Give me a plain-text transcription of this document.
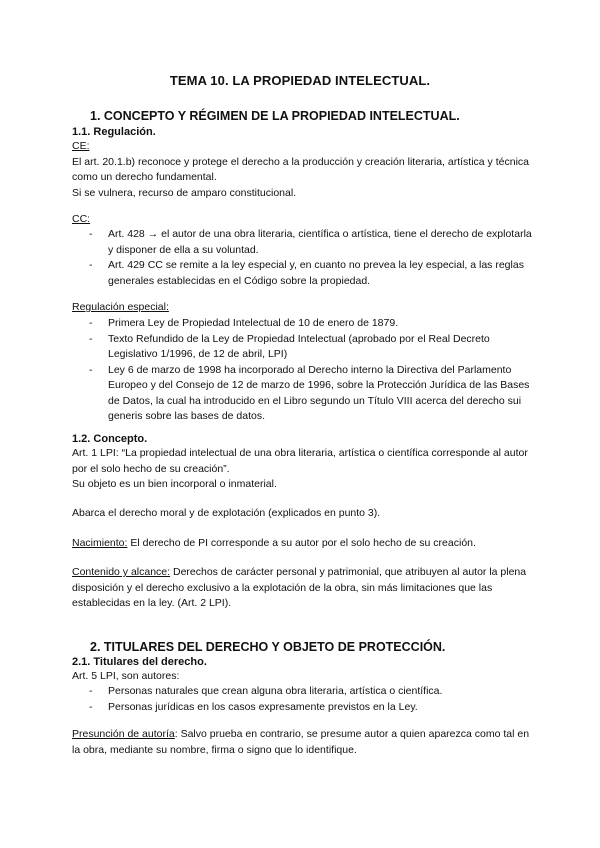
TEMA 10. LA PROPIEDAD INTELECTUAL.
1. CONCEPTO Y RÉGIMEN DE LA PROPIEDAD INTELECTUAL.
1.1. Regulación.
CE:
El art. 20.1.b) reconoce y protege el derecho a la producción y creación literaria, artística y técnica como un derecho fundamental.
Si se vulnera, recurso de amparo constitucional.
CC:
- Art. 428 → el autor de una obra literaria, científica o artística, tiene el derecho de explotarla y disponer de ella a su voluntad.
- Art. 429 CC se remite a la ley especial y, en cuanto no prevea la ley especial, a las reglas generales establecidas en el Código sobre la propiedad.
Regulación especial:
- Primera Ley de Propiedad Intelectual de 10 de enero de 1879.
- Texto Refundido de la Ley de Propiedad Intelectual (aprobado por el Real Decreto Legislativo 1/1996, de 12 de abril, LPI)
- Ley 6 de marzo de 1998 ha incorporado al Derecho interno la Directiva del Parlamento Europeo y del Consejo de 12 de marzo de 1996, sobre la Protección Jurídica de las Bases de Datos, la cual ha introducido en el Libro segundo un Título VIII acerca del derecho sui generis sobre las bases de datos.
1.2. Concepto.
Art. 1 LPI: “La propiedad intelectual de una obra literaria, artística o científica corresponde al autor por el solo hecho de su creación”.
Su objeto es un bien incorporal o inmaterial.
Abarca el derecho moral y de explotación (explicados en punto 3).
Nacimiento: El derecho de PI corresponde a su autor por el solo hecho de su creación.
Contenido y alcance: Derechos de carácter personal y patrimonial, que atribuyen al autor la plena disposición y el derecho exclusivo a la explotación de la obra, sin más limitaciones que las establecidas en la ley. (Art. 2 LPI).
2. TITULARES DEL DERECHO Y OBJETO DE PROTECCIÓN.
2.1. Titulares del derecho.
Art. 5 LPI, son autores:
- Personas naturales que crean alguna obra literaria, artística o científica.
- Personas jurídicas en los casos expresamente previstos en la Ley.
Presunción de autoría: Salvo prueba en contrario, se presume autor a quien aparezca como tal en la obra, mediante su nombre, firma o signo que lo identifique.
